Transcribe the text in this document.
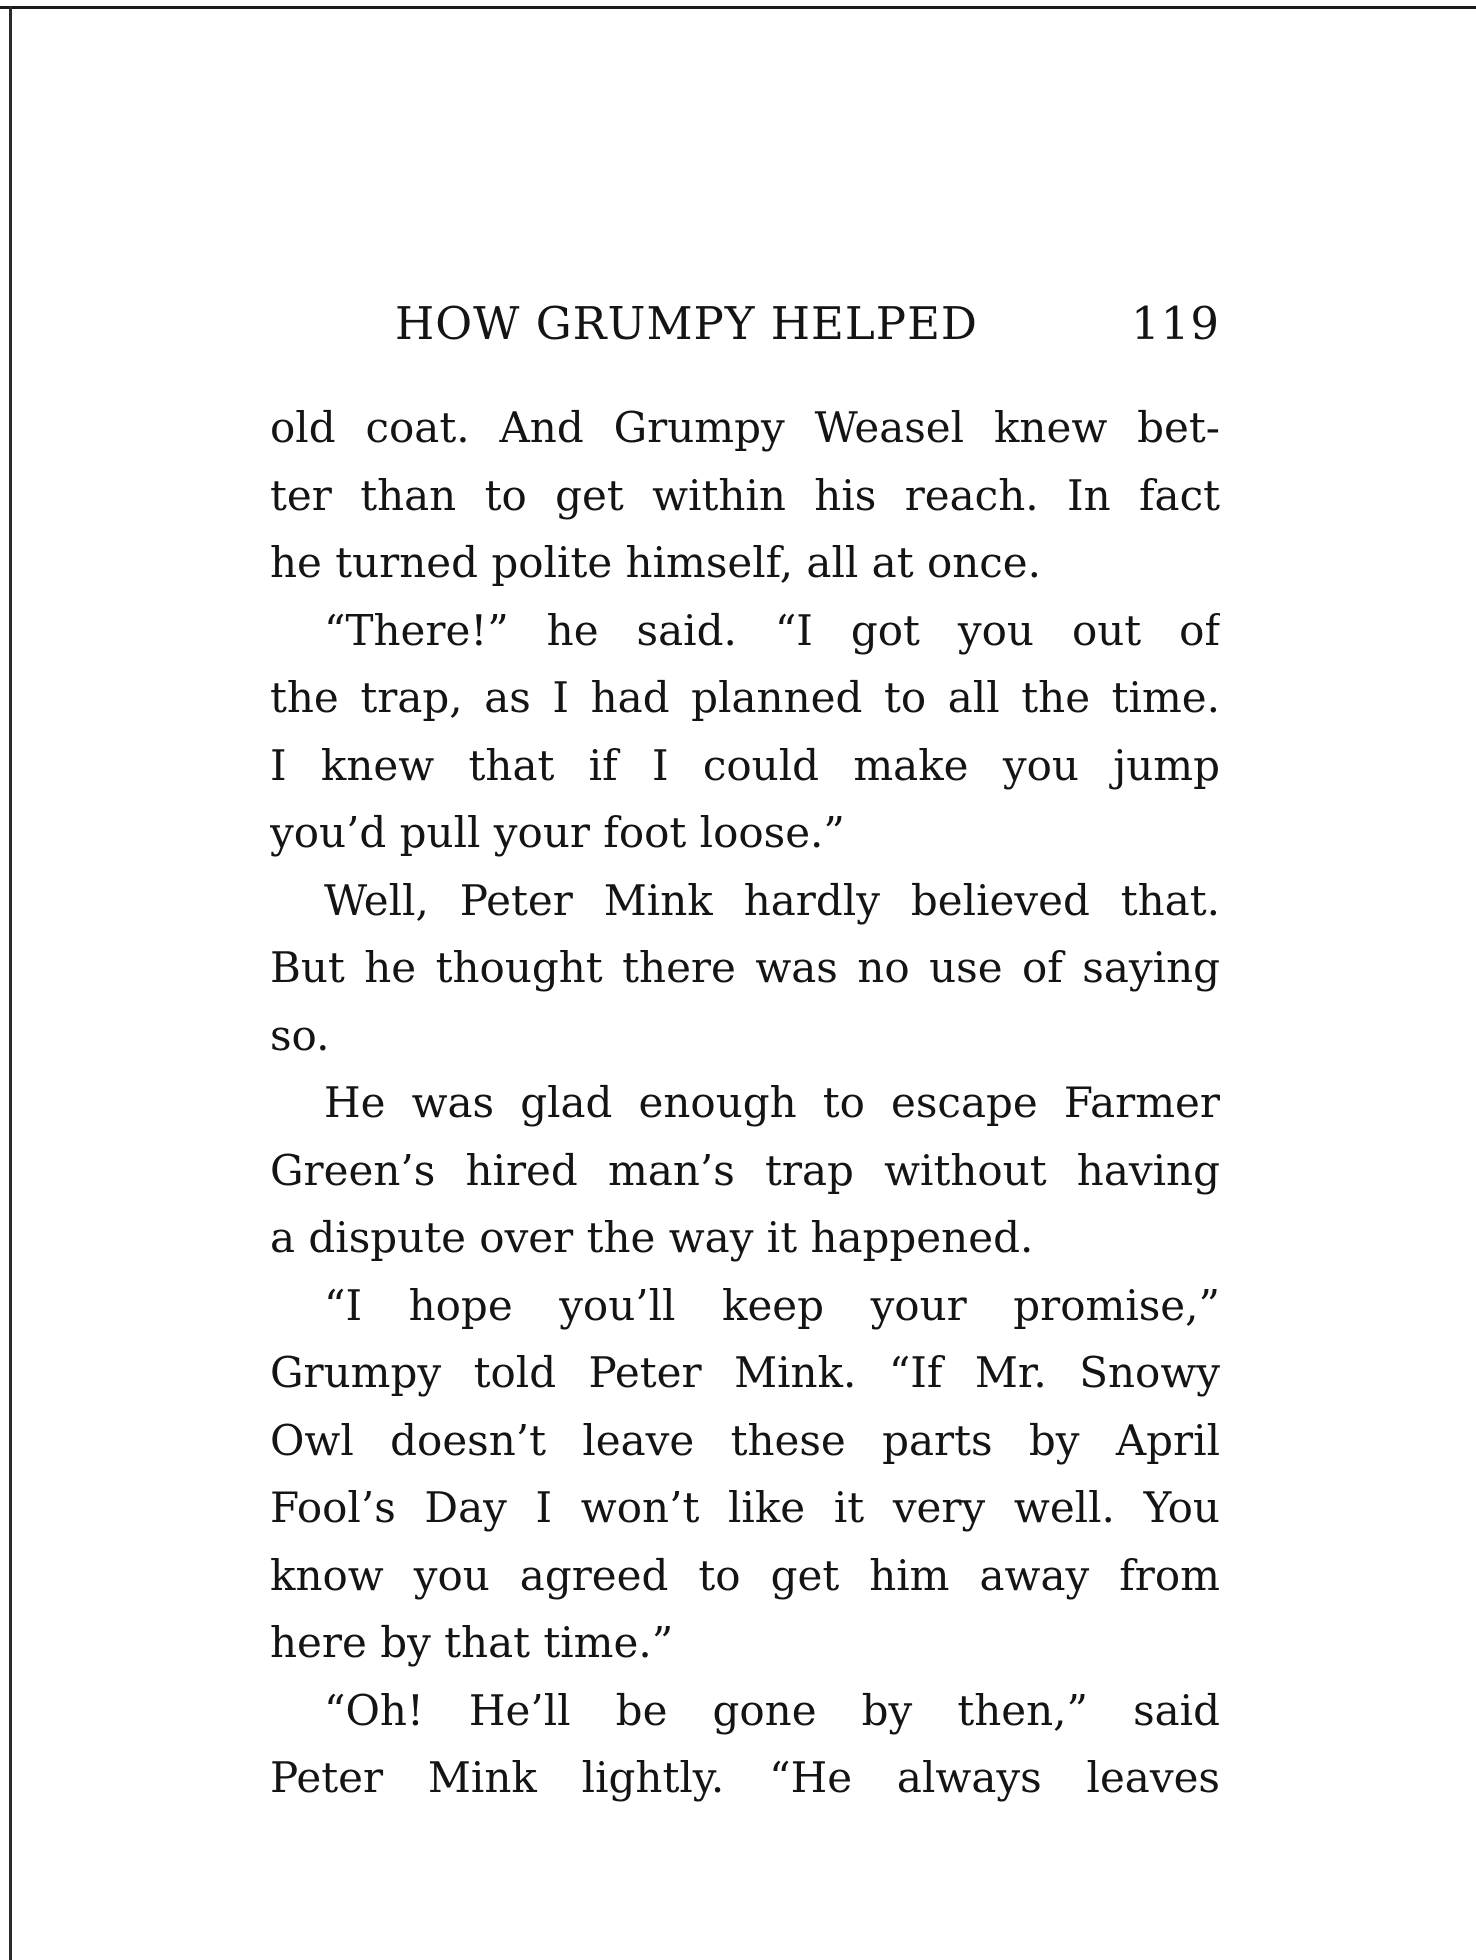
HOW GRUMPY HELPED	119
old coat. And Grumpy Weasel knew bet-
ter than to get within his reach. In fact
he turned polite himself, all at once.
“There!” he said. “I got you out of
the trap, as I had planned to all the time.
I knew that if I could make you jump
you’d pull your foot loose.”
Well, Peter Mink hardly believed that.
But he thought there was no use of saying
so.
He was glad enough to escape Farmer
Green’s hired man’s trap without having
a dispute over the way it happened.
“I hope you’ll keep your promise,”
Grumpy told Peter Mink. “If Mr. Snowy
Owl doesn’t leave these parts by April
Fool’s Day I won’t like it very well. You
know you agreed to get him away from
here by that time.”
“Oh! He’ll be gone by then,” said
Peter Mink lightly. “He always leaves
